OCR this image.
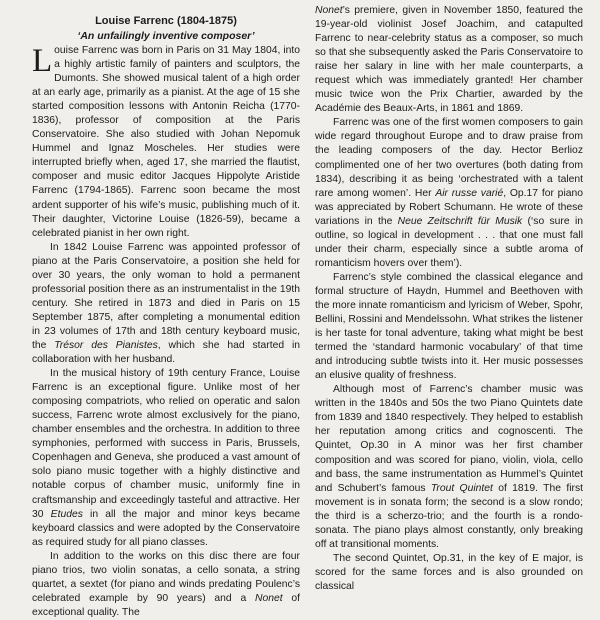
Louise Farrenc (1804-1875)
‘An unfailingly inventive composer’

Louise Farrenc was born in Paris on 31 May 1804, into a highly artistic family of painters and sculptors, the Dumonts. She showed musical talent of a high order at an early age, primarily as a pianist. At the age of 15 she started composition lessons with Antonin Reicha (1770-1836), professor of composition at the Paris Conservatoire. She also studied with Johan Nepomuk Hummel and Ignaz Moscheles. Her studies were interrupted briefly when, aged 17, she married the flautist, composer and music editor Jacques Hippolyte Aristide Farrenc (1794-1865). Farrenc soon became the most ardent supporter of his wife’s music, publishing much of it. Their daughter, Victorine Louise (1826-59), became a celebrated pianist in her own right.

In 1842 Louise Farrenc was appointed professor of piano at the Paris Conservatoire, a position she held for over 30 years, the only woman to hold a permanent professorial position there as an instrumentalist in the 19th century. She retired in 1873 and died in Paris on 15 September 1875, after completing a monumental edition in 23 volumes of 17th and 18th century keyboard music, the Trésor des Pianistes, which she had started in collaboration with her husband.

In the musical history of 19th century France, Louise Farrenc is an exceptional figure. Unlike most of her composing compatriots, who relied on operatic and salon success, Farrenc wrote almost exclusively for the piano, chamber ensembles and the orchestra. In addition to three symphonies, performed with success in Paris, Brussels, Copenhagen and Geneva, she produced a vast amount of solo piano music together with a highly distinctive and notable corpus of chamber music, uniformly fine in craftsmanship and exceedingly tasteful and attractive. Her 30 Etudes in all the major and minor keys became keyboard classics and were adopted by the Conservatoire as required study for all piano classes.

In addition to the works on this disc there are four piano trios, two violin sonatas, a cello sonata, a string quartet, a sextet (for piano and winds predating Poulenc’s celebrated example by 90 years) and a Nonet of exceptional quality. The

Nonet’s premiere, given in November 1850, featured the 19-year-old violinist Josef Joachim, and catapulted Farrenc to near-celebrity status as a composer, so much so that she subsequently asked the Paris Conservatoire to raise her salary in line with her male counterparts, a request which was immediately granted! Her chamber music twice won the Prix Chartier, awarded by the Académie des Beaux-Arts, in 1861 and 1869.

Farrenc was one of the first women composers to gain wide regard throughout Europe and to draw praise from the leading composers of the day. Hector Berlioz complimented one of her two overtures (both dating from 1834), describing it as being ‘orchestrated with a talent rare among women’. Her Air russe varié, Op.17 for piano was appreciated by Robert Schumann. He wrote of these variations in the Neue Zeitschrift für Musik (‘so sure in outline, so logical in development . . . that one must fall under their charm, especially since a subtle aroma of romanticism hovers over them’).

Farrenc’s style combined the classical elegance and formal structure of Haydn, Hummel and Beethoven with the more innate romanticism and lyricism of Weber, Spohr, Bellini, Rossini and Mendelssohn. What strikes the listener is her taste for tonal adventure, taking what might be best termed the ‘standard harmonic vocabulary’ of that time and introducing subtle twists into it. Her music possesses an elusive quality of freshness.

Although most of Farrenc’s chamber music was written in the 1840s and 50s the two Piano Quintets date from 1839 and 1840 respectively. They helped to establish her reputation among critics and cognoscenti. The Quintet, Op.30 in A minor was her first chamber composition and was scored for piano, violin, viola, cello and bass, the same instrumentation as Hummel’s Quintet and Schubert’s famous Trout Quintet of 1819. The first movement is in sonata form; the second is a slow rondo; the third is a scherzo-trio; and the fourth is a rondo-sonata. The piano plays almost constantly, only breaking off at transitional moments.

The second Quintet, Op.31, in the key of E major, is scored for the same forces and is also grounded on classical
